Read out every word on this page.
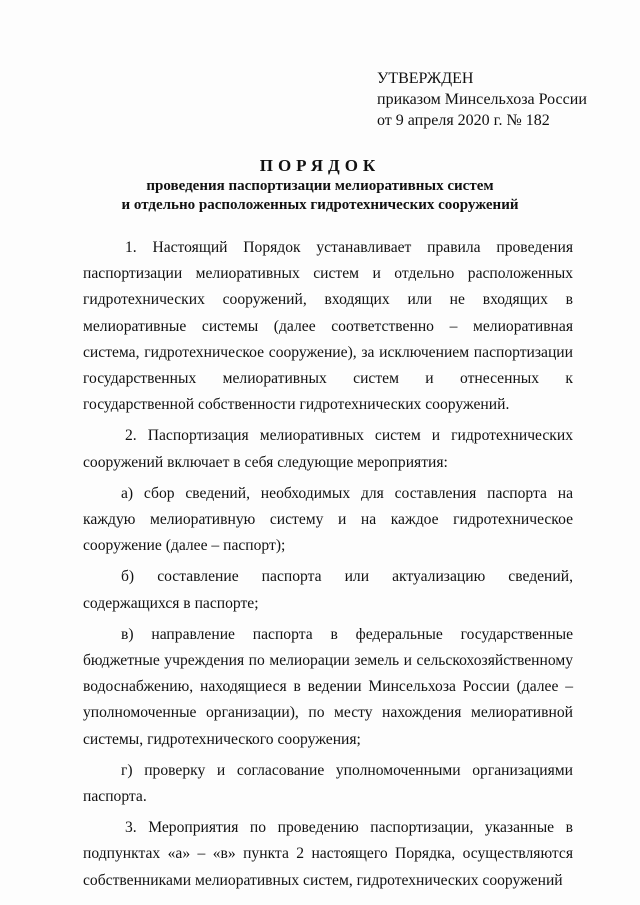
УТВЕРЖДЕН
приказом Минсельхоза России
от 9 апреля 2020 г. № 182
ПОРЯДОК
проведения паспортизации мелиоративных систем
и отдельно расположенных гидротехнических сооружений

1. Настоящий Порядок устанавливает правила проведения паспортизации мелиоративных систем и отдельно расположенных гидротехнических сооружений, входящих или не входящих в мелиоративные системы (далее соответственно – мелиоративная система, гидротехническое сооружение), за исключением паспортизации государственных мелиоративных систем и отнесенных к государственной собственности гидротехнических сооружений.

2. Паспортизация мелиоративных систем и гидротехнических сооружений включает в себя следующие мероприятия:

а) сбор сведений, необходимых для составления паспорта на каждую мелиоративную систему и на каждое гидротехническое сооружение (далее – паспорт);

б) составление паспорта или актуализацию сведений, содержащихся в паспорте;

в) направление паспорта в федеральные государственные бюджетные учреждения по мелиорации земель и сельскохозяйственному водоснабжению, находящиеся в ведении Минсельхоза России (далее – уполномоченные организации), по месту нахождения мелиоративной системы, гидротехнического сооружения;

г) проверку и согласование уполномоченными организациями паспорта.

3. Мероприятия по проведению паспортизации, указанные в подпунктах «а» – «в» пункта 2 настоящего Порядка, осуществляются собственниками мелиоративных систем, гидротехнических сооружений
